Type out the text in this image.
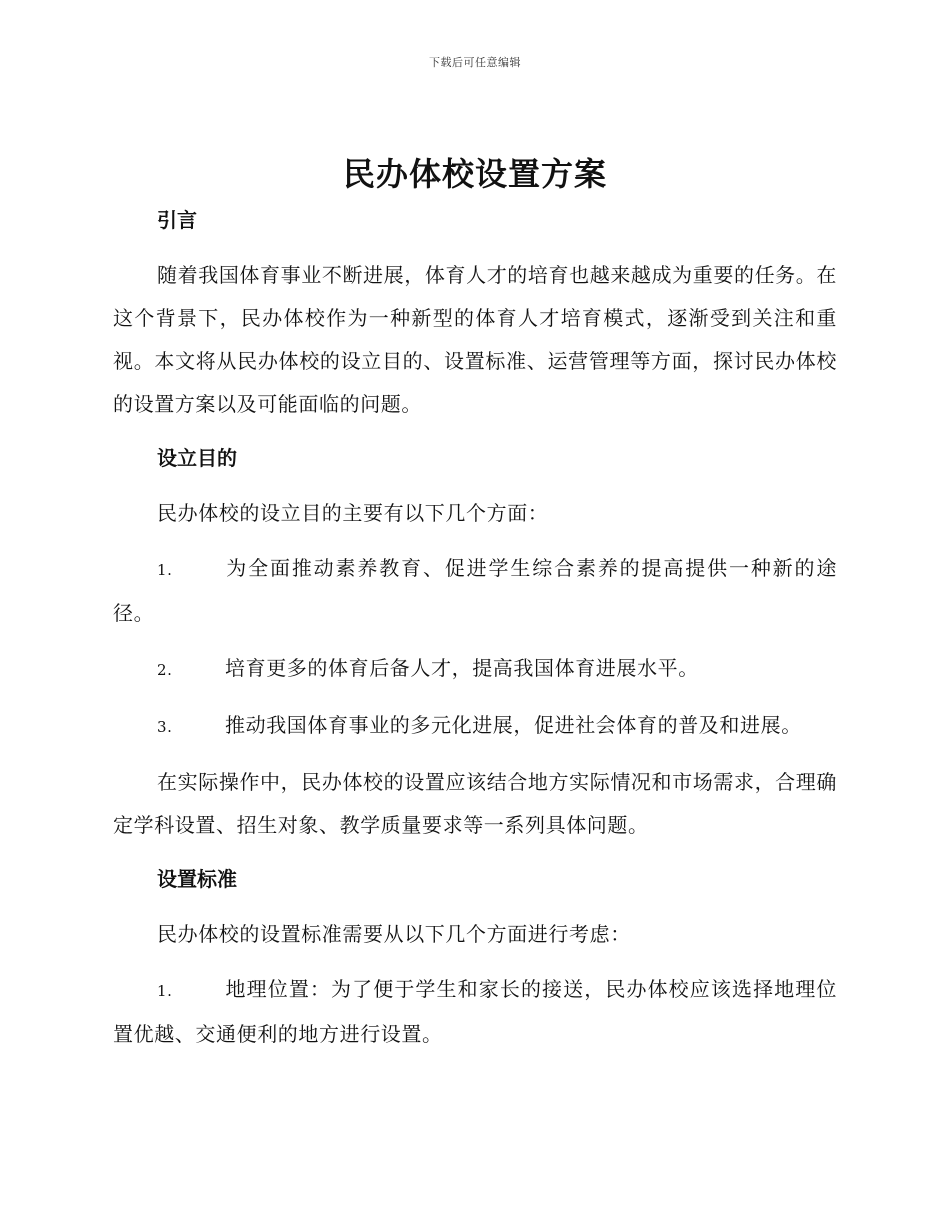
下载后可任意编辑
民办体校设置方案
引言

随着我国体育事业不断进展，体育人才的培育也越来越成为重要的任务。在这个背景下，民办体校作为一种新型的体育人才培育模式，逐渐受到关注和重视。本文将从民办体校的设立目的、设置标准、运营管理等方面，探讨民办体校的设置方案以及可能面临的问题。

设立目的

民办体校的设立目的主要有以下几个方面：

1.	为全面推动素养教育、促进学生综合素养的提高提供一种新的途径。

2.	培育更多的体育后备人才，提高我国体育进展水平。

3.	推动我国体育事业的多元化进展，促进社会体育的普及和进展。

在实际操作中，民办体校的设置应该结合地方实际情况和市场需求，合理确定学科设置、招生对象、教学质量要求等一系列具体问题。

设置标准

民办体校的设置标准需要从以下几个方面进行考虑：

1.	地理位置：为了便于学生和家长的接送，民办体校应该选择地理位置优越、交通便利的地方进行设置。
